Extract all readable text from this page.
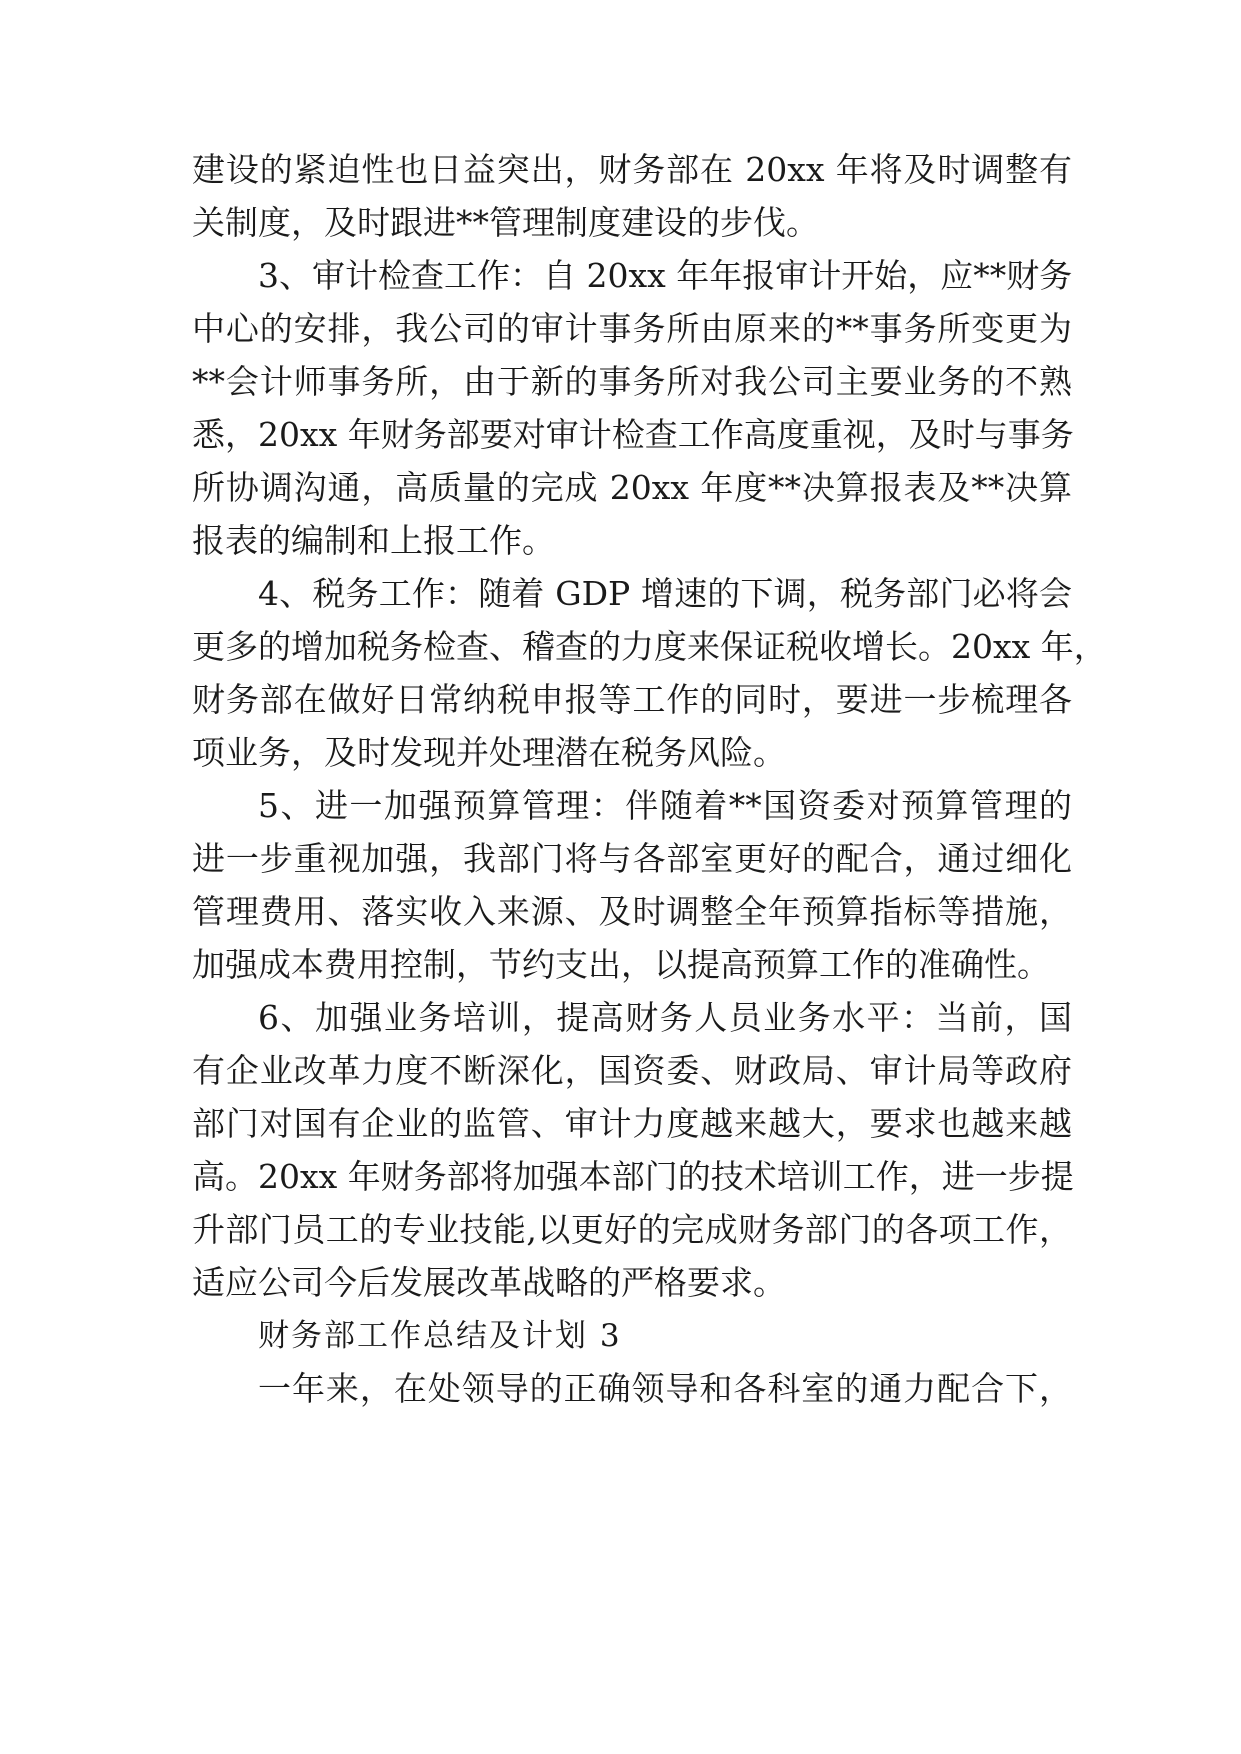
建设的紧迫性也日益突出，财务部在 20xx 年将及时调整有
关制度，及时跟进**管理制度建设的步伐。
3、审计检查工作：自 20xx 年年报审计开始，应**财务
中心的安排，我公司的审计事务所由原来的**事务所变更为
**会计师事务所，由于新的事务所对我公司主要业务的不熟
悉，20xx 年财务部要对审计检查工作高度重视，及时与事务
所协调沟通，高质量的完成 20xx 年度**决算报表及**决算
报表的编制和上报工作。
4、税务工作：随着 GDP 增速的下调，税务部门必将会
更多的增加税务检查、稽查的力度来保证税收增长。20xx 年，
财务部在做好日常纳税申报等工作的同时，要进一步梳理各
项业务，及时发现并处理潜在税务风险。
5、进一加强预算管理：伴随着**国资委对预算管理的
进一步重视加强，我部门将与各部室更好的配合，通过细化
管理费用、落实收入来源、及时调整全年预算指标等措施，
加强成本费用控制，节约支出，以提高预算工作的准确性。
6、加强业务培训，提高财务人员业务水平：当前，国
有企业改革力度不断深化，国资委、财政局、审计局等政府
部门对国有企业的监管、审计力度越来越大，要求也越来越
高。20xx 年财务部将加强本部门的技术培训工作，进一步提
升部门员工的专业技能,以更好的完成财务部门的各项工作，
适应公司今后发展改革战略的严格要求。
财务部工作总结及计划 3
一年来，在处领导的正确领导和各科室的通力配合下，
